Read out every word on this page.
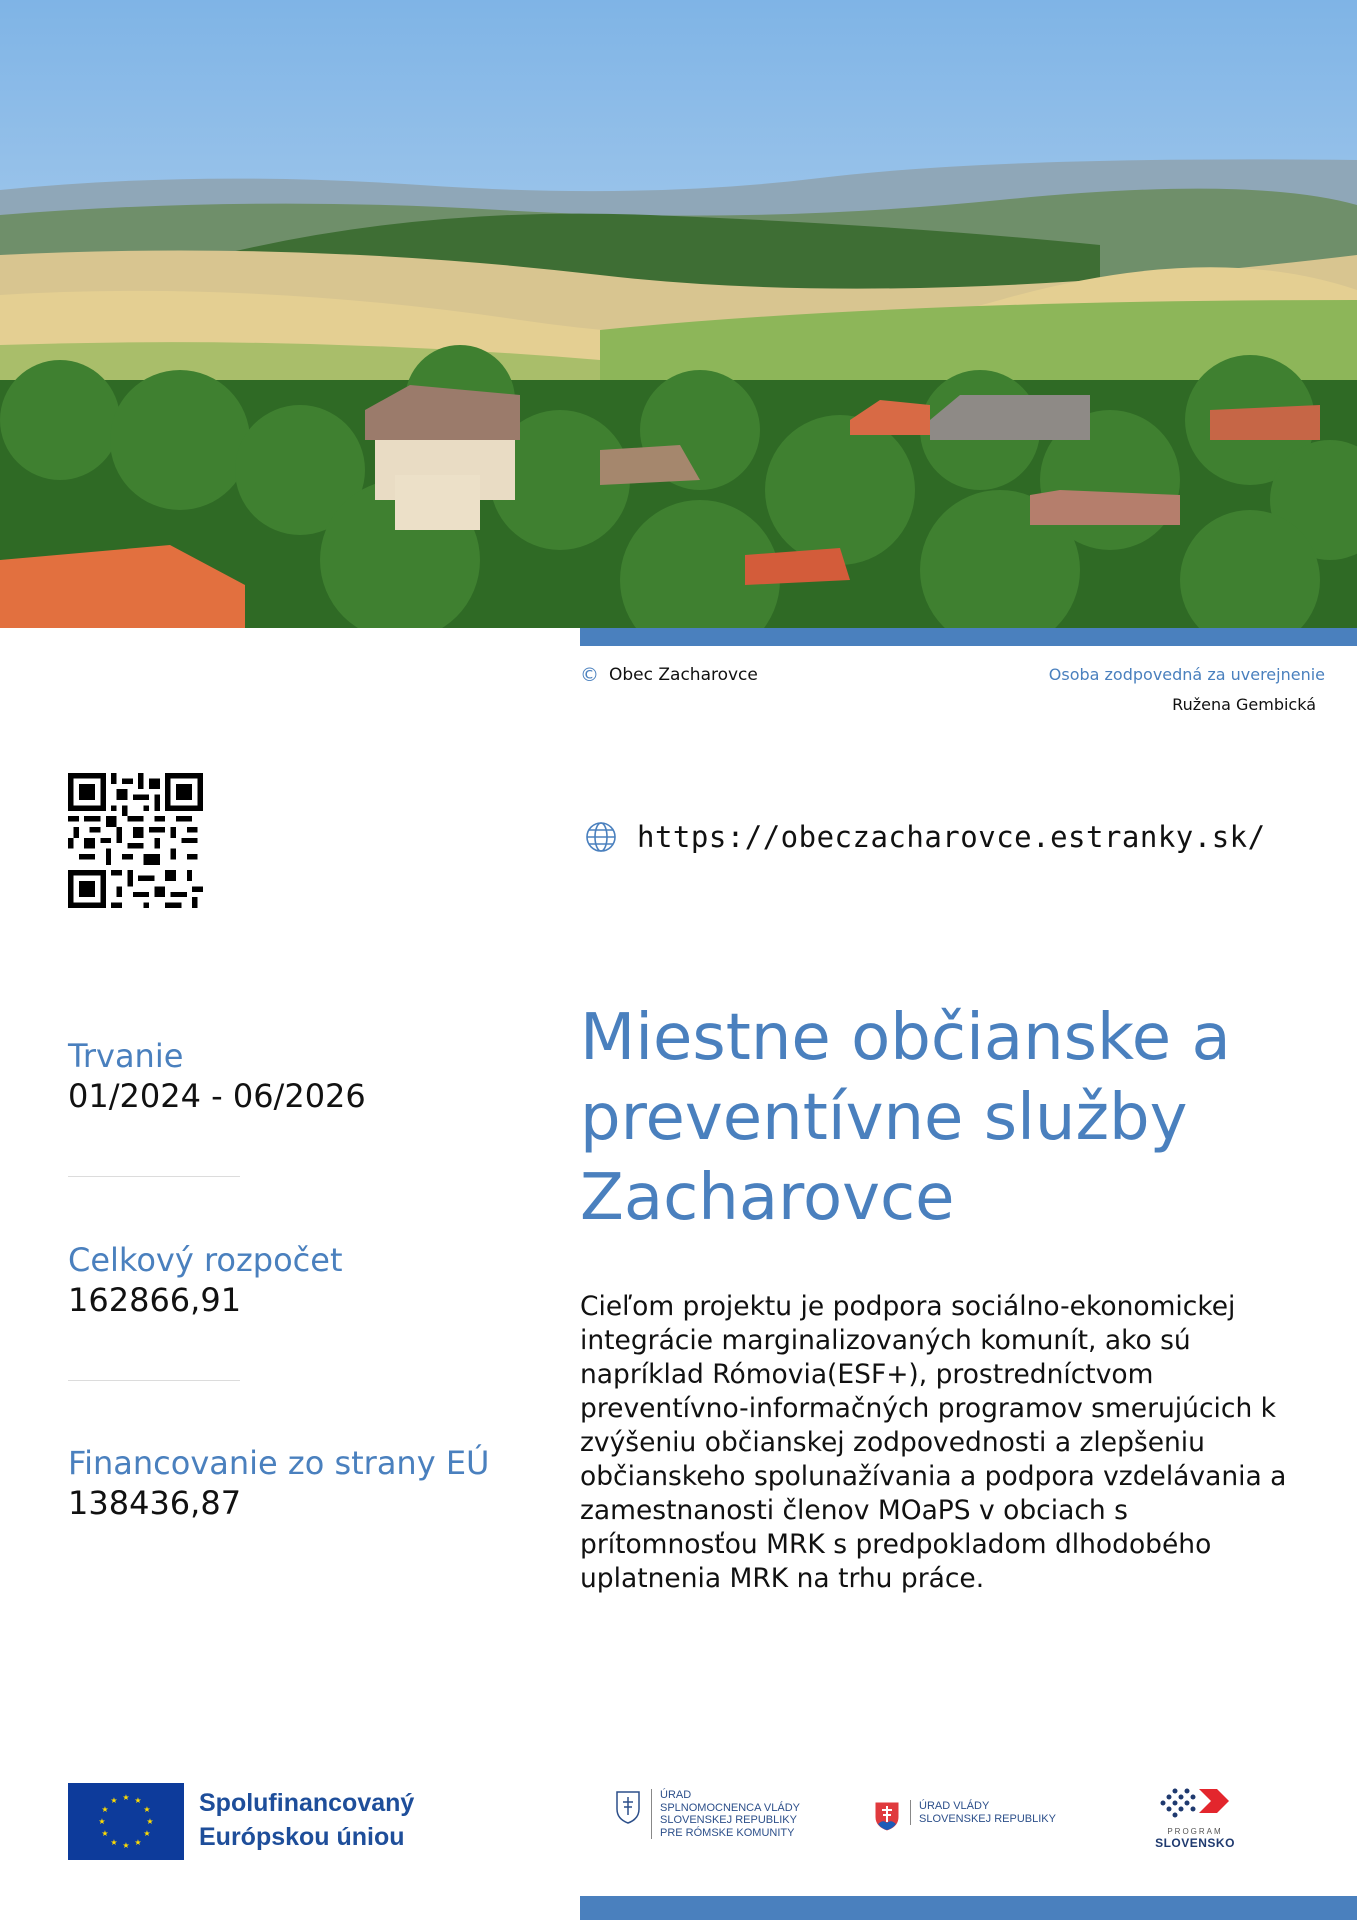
© Obec Zacharovce	Osoba zodpovedná za uverejnenie
Ružena Gembická
https://obeczacharovce.estranky.sk/
Trvanie
01/2024 - 06/2026
Celkový rozpočet
162866,91
Financovanie zo strany EÚ
138436,87
Miestne občianske a
preventívne služby
Zacharovce
Cieľom projektu je podpora sociálno-ekonomickej
integrácie marginalizovaných komunít, ako sú
napríklad Rómovia(ESF+), prostredníctvom
preventívno-informačných programov smerujúcich k
zvýšeniu občianskej zodpovednosti a zlepšeniu
občianskeho spolunažívania a podpora vzdelávania a
zamestnanosti členov MOaPS v obciach s
prítomnosťou MRK s predpokladom dlhodobého
uplatnenia MRK na trhu práce.
★ ★
★
★
★
★
★
★
★
★
★
★	Spolufinancovaný
Európskou úniou
ÚRAD
SPLNOMOCNENCA VLÁDY
SLOVENSKEJ REPUBLIKY
PRE RÓMSKE KOMUNITY
ÚRAD VLÁDY
SLOVENSKEJ REPUBLIKY
PROGRAM
SLOVENSKO
